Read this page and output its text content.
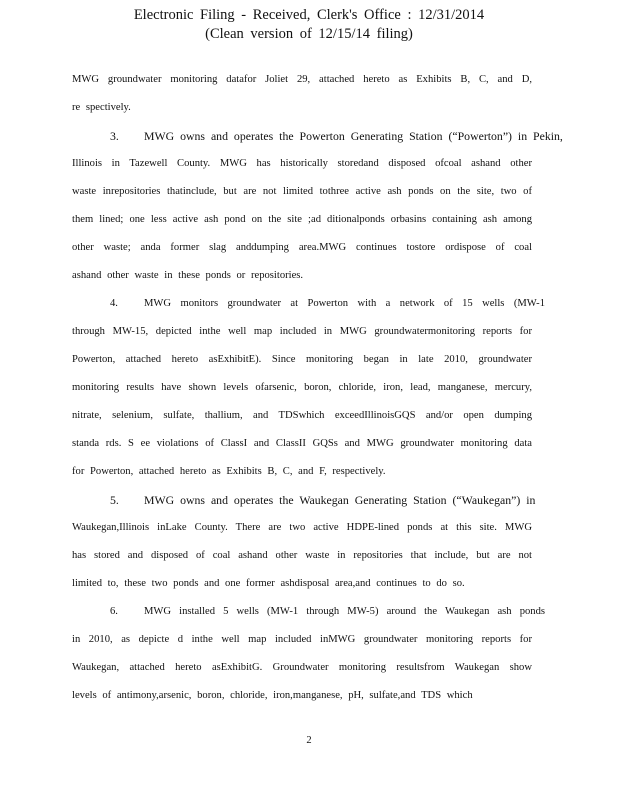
Electronic Filing - Received, Clerk's Office : 12/31/2014
(Clean version of 12/15/14 filing)
MWG groundwater monitoring datafor Joliet 29, attached hereto as Exhibits B, C, and D,
re spectively.
3. MWG owns and operates the Powerton Generating Station (“Powerton”) in Pekin,
Illinois in Tazewell County. MWG has historically storedand disposed ofcoal ashand other
waste inrepositories thatinclude, but are not limited tothree active ash ponds on the site, two of
them lined; one less active ash pond on the site ;ad ditionalponds orbasins containing ash among
other waste; anda former slag anddumping area.MWG continues tostore ordispose of coal
ashand other waste in these ponds or repositories.
4. MWG monitors groundwater at Powerton with a network of 15 wells (MW-1
through MW-15, depicted inthe well map included in MWG groundwatermonitoring reports for
Powerton, attached hereto asExhibitE). Since monitoring began in late 2010, groundwater
monitoring results have shown levels ofarsenic, boron, chloride, iron, lead, manganese, mercury,
nitrate, selenium, sulfate, thallium, and TDSwhich exceedIllinoisGQS and/or open dumping
standa rds. S ee violations of ClassI and ClassII GQSs and MWG groundwater monitoring data
for Powerton, attached hereto as Exhibits B, C, and F, respectively.
5. MWG owns and operates the Waukegan Generating Station (“Waukegan”) in
Waukegan,Illinois inLake County. There are two active HDPE-lined ponds at this site. MWG
has stored and disposed of coal ashand other waste in repositories that include, but are not
limited to, these two ponds and one former ashdisposal area,and continues to do so.
6. MWG installed 5 wells (MW-1 through MW-5) around the Waukegan ash ponds
in 2010, as depicte d inthe well map included inMWG groundwater monitoring reports for
Waukegan, attached hereto asExhibitG. Groundwater monitoring resultsfrom Waukegan show
levels of antimony,arsenic, boron, chloride, iron,manganese, pH, sulfate,and TDS which
2
